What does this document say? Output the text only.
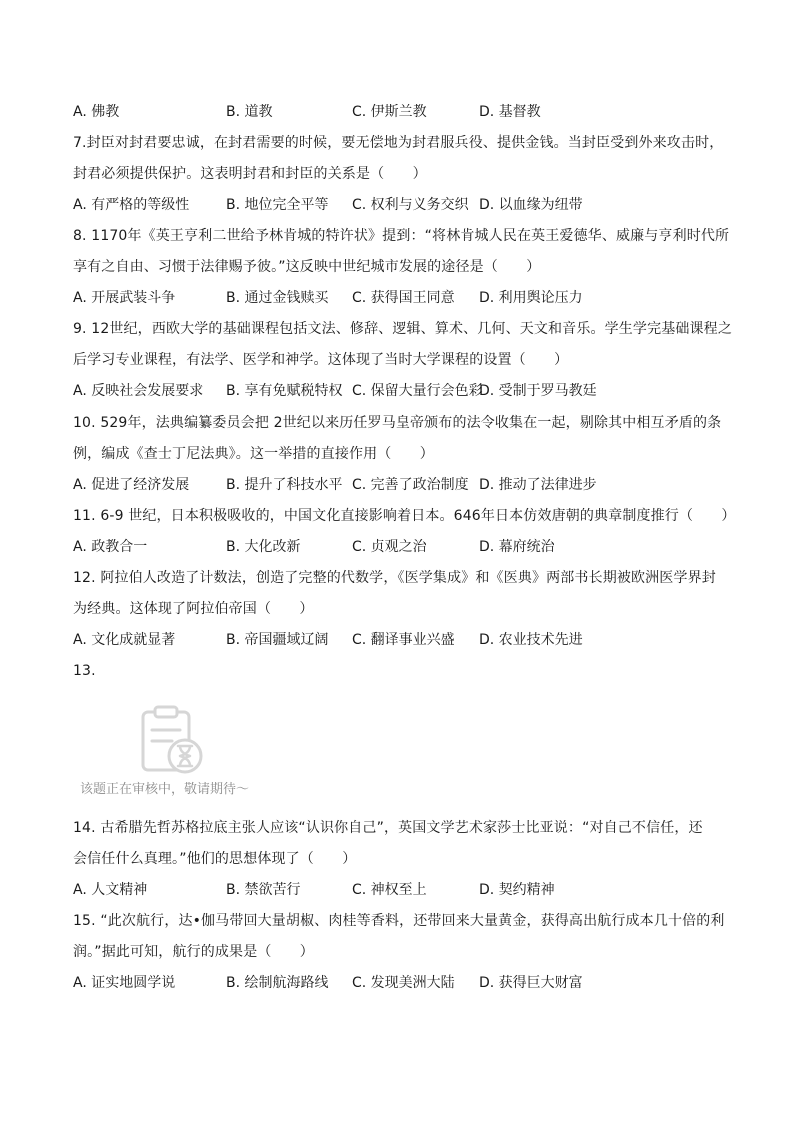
该题正在审核中，敬请期待～
A. 佛教	B. 道教	C. 伊斯兰教	D. 基督教
7.封臣对封君要忠诚，在封君需要的时候，要无偿地为封君服兵役、提供金钱。当封臣受到外来攻击时，
封君必须提供保护。这表明封君和封臣的关系是（　　）
A. 有严格的等级性	B. 地位完全平等 C. 权利与义务交织 D. 以血缘为纽带
8. 1170年《英王亨利二世给予林肯城的特许状》提到：“将林肯城人民在英王爱德华、威廉与亨利时代所
享有之自由、习惯于法律赐予彼。”这反映中世纪城市发展的途径是（　　）
A. 开展武装斗争	B. 通过金钱赎买 C. 获得国王同意 D. 利用舆论压力
9. 12世纪，西欧大学的基础课程包括文法、修辞、逻辑、算术、几何、天文和音乐。学生学完基础课程之
后学习专业课程，有法学、医学和神学。这体现了当时大学课程的设置（　　）
A. 反映社会发展要求 B. 享有免赋税特权 C. 保留大量行会色彩
D. 受制于罗马教廷
10. 529年，法典编纂委员会把 2世纪以来历任罗马皇帝颁布的法令收集在一起，剔除其中相互矛盾的条
例，编成《查士丁尼法典》。这一举措的直接作用（　　）
A. 促进了经济发展	B. 提升了科技水平 C. 完善了政治制度 D. 推动了法律进步
11. 6-9 世纪，日本积极吸收的，中国文化直接影响着日本。646年日本仿效唐朝的典章制度推行（　　）
A. 政教合一	B. 大化改新	C. 贞观之治	D. 幕府统治
12. 阿拉伯人改造了计数法，创造了完整的代数学，《医学集成》和《医典》两部书长期被欧洲医学界封
为经典。这体现了阿拉伯帝国（　　）
A. 文化成就显著	B. 帝国疆域辽阔 C. 翻译事业兴盛 D. 农业技术先进
13.
14. 古希腊先哲苏格拉底主张人应该“认识你自己”，英国文学艺术家莎士比亚说：“对自己不信任，还
会信任什么真理。”他们的思想体现了（　　）
A. 人文精神	B. 禁欲苦行	C. 神权至上	D. 契约精神
15. “此次航行，达•伽马带回大量胡椒、肉桂等香料，还带回来大量黄金，获得高出航行成本几十倍的利
润。”据此可知，航行的成果是（　　）
A. 证实地圆学说	B. 绘制航海路线 C. 发现美洲大陆 D. 获得巨大财富
